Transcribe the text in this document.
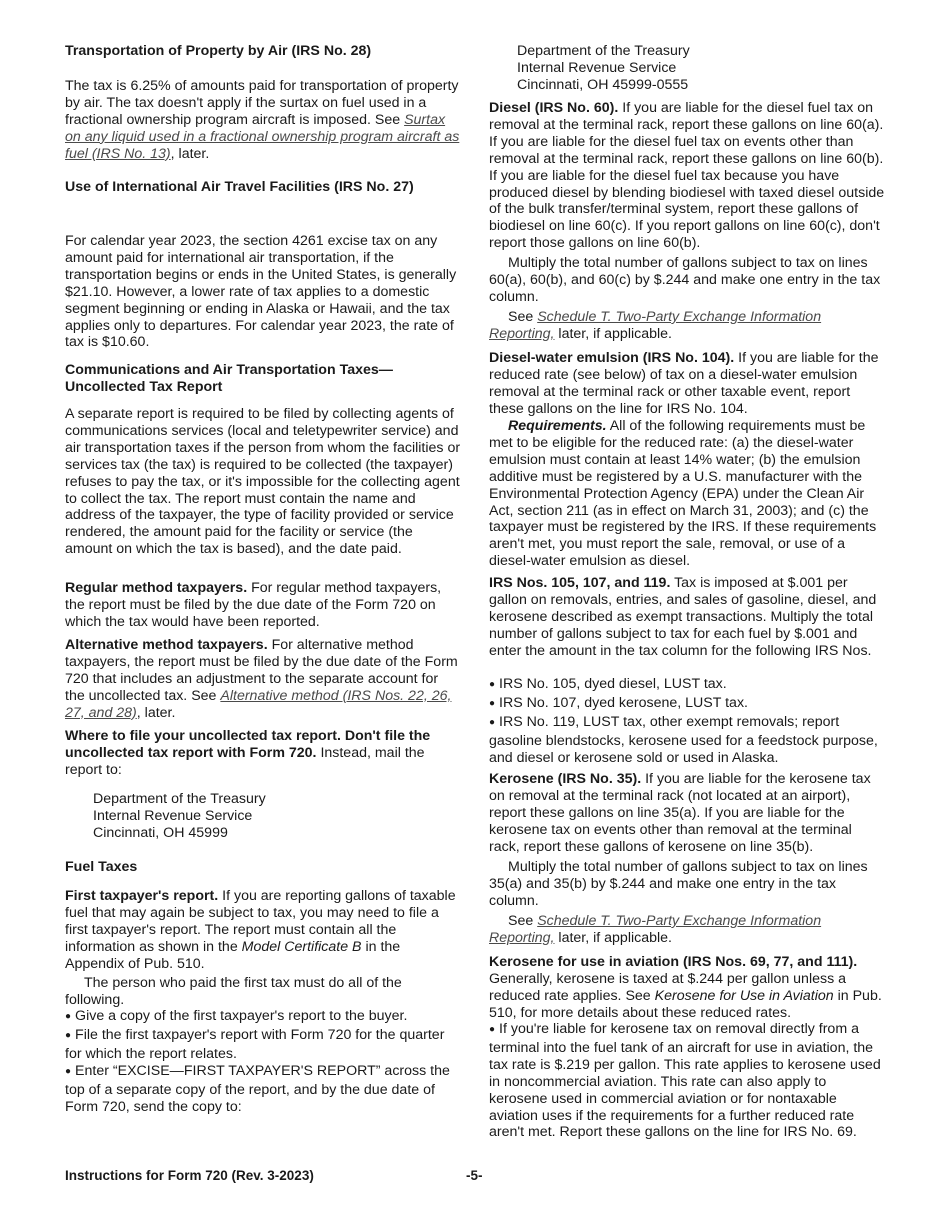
Transportation of Property by Air (IRS No. 28)

The tax is 6.25% of amounts paid for transportation of property by air. The tax doesn't apply if the surtax on fuel used in a fractional ownership program aircraft is imposed. See Surtax on any liquid used in a fractional ownership program aircraft as fuel (IRS No. 13), later.

Use of International Air Travel Facilities (IRS No. 27)

For calendar year 2023, the section 4261 excise tax on any amount paid for international air transportation, if the transportation begins or ends in the United States, is generally $21.10. However, a lower rate of tax applies to a domestic segment beginning or ending in Alaska or Hawaii, and the tax applies only to departures. For calendar year 2023, the rate of tax is $10.60.

Communications and Air Transportation Taxes—Uncollected Tax Report

A separate report is required to be filed by collecting agents of communications services (local and teletypewriter service) and air transportation taxes if the person from whom the facilities or services tax (the tax) is required to be collected (the taxpayer) refuses to pay the tax, or it's impossible for the collecting agent to collect the tax. The report must contain the name and address of the taxpayer, the type of facility provided or service rendered, the amount paid for the facility or service (the amount on which the tax is based), and the date paid.

Regular method taxpayers. For regular method taxpayers, the report must be filed by the due date of the Form 720 on which the tax would have been reported.

Alternative method taxpayers. For alternative method taxpayers, the report must be filed by the due date of the Form 720 that includes an adjustment to the separate account for the uncollected tax. See Alternative method (IRS Nos. 22, 26, 27, and 28), later.

Where to file your uncollected tax report. Don't file the uncollected tax report with Form 720. Instead, mail the report to:

Department of the Treasury
Internal Revenue Service
Cincinnati, OH 45999
Fuel Taxes

First taxpayer's report. If you are reporting gallons of taxable fuel that may again be subject to tax, you may need to file a first taxpayer's report. The report must contain all the information as shown in the Model Certificate B in the Appendix of Pub. 510.

The person who paid the first tax must do all of the following.

● Give a copy of the first taxpayer's report to the buyer.
● File the first taxpayer's report with Form 720 for the quarter for which the report relates.
● Enter “EXCISE—FIRST TAXPAYER'S REPORT” across the top of a separate copy of the report, and by the due date of Form 720, send the copy to:
Department of the Treasury
Internal Revenue Service
Cincinnati, OH 45999-0555

Diesel (IRS No. 60). If you are liable for the diesel fuel tax on removal at the terminal rack, report these gallons on line 60(a). If you are liable for the diesel fuel tax on events other than removal at the terminal rack, report these gallons on line 60(b). If you are liable for the diesel fuel tax because you have produced diesel by blending biodiesel with taxed diesel outside of the bulk transfer/terminal system, report these gallons of biodiesel on line 60(c). If you report gallons on line 60(c), don't report those gallons on line 60(b).

Multiply the total number of gallons subject to tax on lines 60(a), 60(b), and 60(c) by $.244 and make one entry in the tax column.

See Schedule T. Two-Party Exchange Information Reporting, later, if applicable.

Diesel-water emulsion (IRS No. 104). If you are liable for the reduced rate (see below) of tax on a diesel-water emulsion removal at the terminal rack or other taxable event, report these gallons on the line for IRS No. 104.

Requirements. All of the following requirements must be met to be eligible for the reduced rate: (a) the diesel-water emulsion must contain at least 14% water; (b) the emulsion additive must be registered by a U.S. manufacturer with the Environmental Protection Agency (EPA) under the Clean Air Act, section 211 (as in effect on March 31, 2003); and (c) the taxpayer must be registered by the IRS. If these requirements aren't met, you must report the sale, removal, or use of a diesel-water emulsion as diesel.

IRS Nos. 105, 107, and 119. Tax is imposed at $.001 per gallon on removals, entries, and sales of gasoline, diesel, and kerosene described as exempt transactions. Multiply the total number of gallons subject to tax for each fuel by $.001 and enter the amount in the tax column for the following IRS Nos.

● IRS No. 105, dyed diesel, LUST tax.
● IRS No. 107, dyed kerosene, LUST tax.
● IRS No. 119, LUST tax, other exempt removals; report gasoline blendstocks, kerosene used for a feedstock purpose, and diesel or kerosene sold or used in Alaska.

Kerosene (IRS No. 35). If you are liable for the kerosene tax on removal at the terminal rack (not located at an airport), report these gallons on line 35(a). If you are liable for the kerosene tax on events other than removal at the terminal rack, report these gallons of kerosene on line 35(b).

Multiply the total number of gallons subject to tax on lines 35(a) and 35(b) by $.244 and make one entry in the tax column.

See Schedule T. Two-Party Exchange Information Reporting, later, if applicable.

Kerosene for use in aviation (IRS Nos. 69, 77, and 111). Generally, kerosene is taxed at $.244 per gallon unless a reduced rate applies. See Kerosene for Use in Aviation in Pub. 510, for more details about these reduced rates.

● If you're liable for kerosene tax on removal directly from a terminal into the fuel tank of an aircraft for use in aviation, the tax rate is $.219 per gallon. This rate applies to kerosene used in noncommercial aviation. This rate can also apply to kerosene used in commercial aviation or for nontaxable aviation uses if the requirements for a further reduced rate aren't met. Report these gallons on the line for IRS No. 69.
Instructions for Form 720 (Rev. 3-2023)	-5-
